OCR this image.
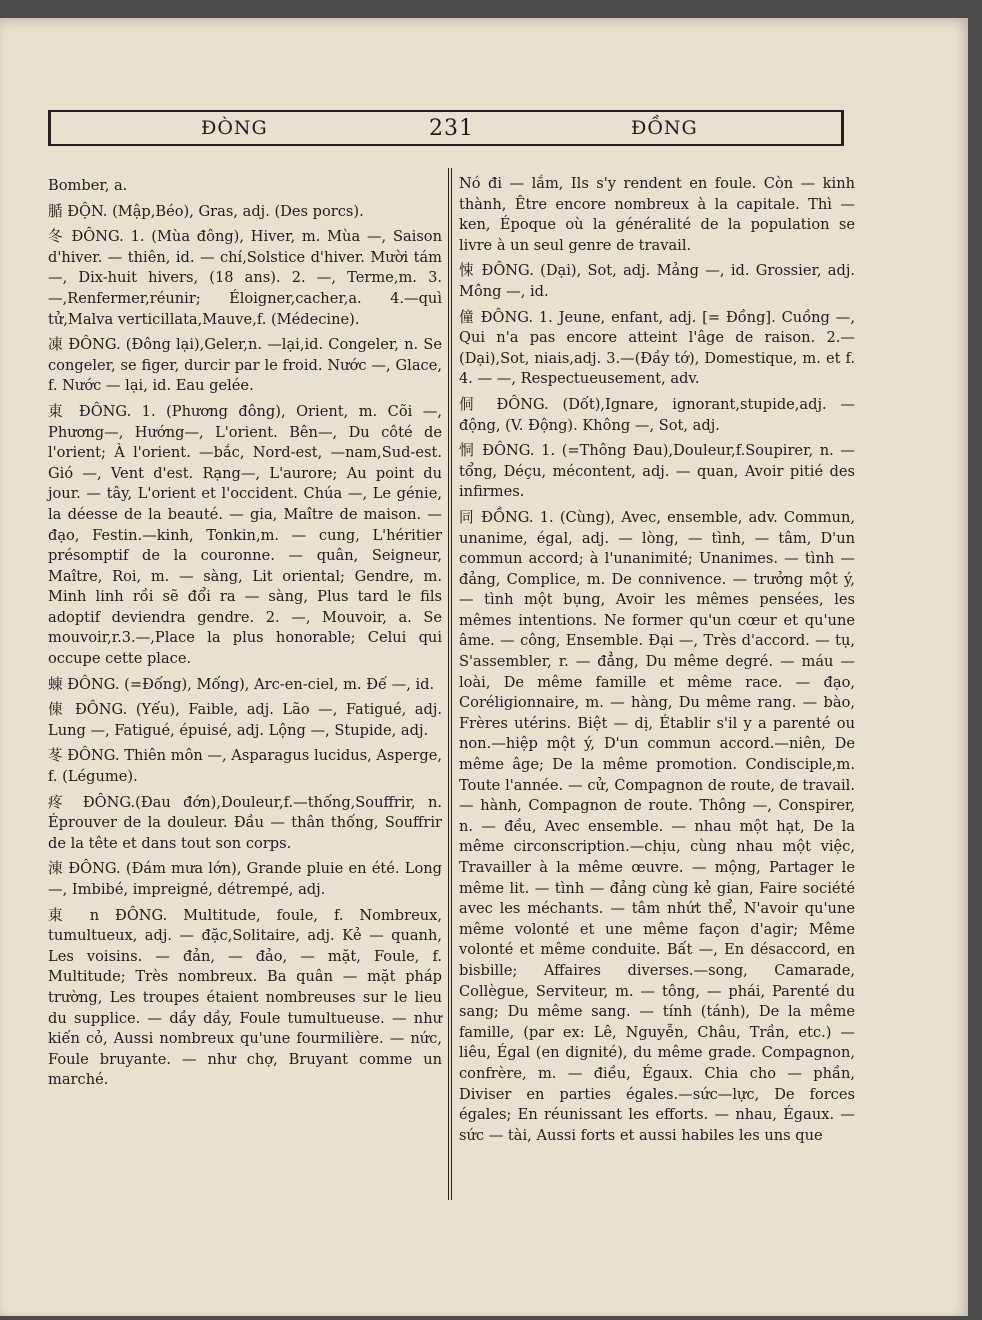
ĐÒNG	231	ĐỒNG

Bomber, a.

腯 ĐỘN. (Mập,Béo), Gras, adj. (Des porcs).

冬 ĐÔNG. 1. (Mùa đông), Hiver, m. Mùa —, Saison d'hiver. — thiên, id. — chí,Solstice d'hiver. Mười tám —, Dix-huit hivers, (18 ans). 2. —, Terme,m. 3. —,Renfermer,réunir; Éloigner,cacher,a. 4.—quì tử,Malva verticillata,Mauve,f. (Médecine).

凍 ĐÔNG. (Đông lại),Geler,n. —lại,id. Congeler, n. Se congeler, se figer, durcir par le froid. Nước —, Glace, f. Nước — lại, id. Eau gelée.

東 ĐÔNG. 1. (Phương đông), Orient, m. Cõi —, Phương—, Hướng—, L'orient. Bên—, Du côté de l'orient; À l'orient. —bắc, Nord-est, —nam,Sud-est. Gió —, Vent d'est. Rạng—, L'aurore; Au point du jour. — tây, L'orient et l'occident. Chúa —, Le génie, la déesse de la beauté. — gia, Maître de maison. —đạo, Festin.—kinh, Tonkin,m. — cung, L'héritier présomptif de la couronne. — quân, Seigneur, Maître, Roi, m. — sàng, Lit oriental; Gendre, m. Minh linh rồi sẽ đổi ra — sàng, Plus tard le fils adoptif deviendra gendre. 2. —, Mouvoir, a. Se mouvoir,r.3.—,Place la plus honorable; Celui qui occupe cette place.

蝀 ĐÔNG. (=Đống), Mống), Arc-en-ciel, m. Đế —, id.

倲 ĐÔNG. (Yếu), Faible, adj. Lão —, Fatigué, adj. Lung —, Fatigué, épuisé, adj. Lộng —, Stupide, adj.

苳 ĐÔNG. Thiên môn —, Asparagus lucidus, Asperge, f. (Légume).

疼 ĐÔNG.(Đau đớn),Douleur,f.—thống,Souffrir, n. Éprouver de la douleur. Đầu — thân thống, Souffrir de la tête et dans tout son corps.

涷 ĐÔNG. (Đám mưa lớn), Grande pluie en été. Long —, Imbibé, impreigné, détrempé, adj.

東 n ĐÔNG. Multitude, foule, f. Nombreux, tumultueux, adj. — đặc,Solitaire, adj. Kẻ — quanh, Les voisins. — đản, — đảo, — mặt, Foule, f. Multitude; Très nombreux. Ba quân — mặt pháp trường, Les troupes étaient nombreuses sur le lieu du supplice. — dầy dầy, Foule tumultueuse. — như kiến cỏ, Aussi nombreux qu'une fourmilière. — nức, Foule bruyante. — như chợ, Bruyant comme un marché.

Nó đi — lắm, Ils s'y rendent en foule. Còn — kinh thành, Être encore nombreux à la capitale. Thì — ken, Époque où la généralité de la population se livre à un seul genre de travail.

悚 ĐÔNG. (Dại), Sot, adj. Mảng —, id. Grossier, adj. Mông —, id.

僮 ĐÔNG. 1. Jeune, enfant, adj. [= Đồng]. Cuồng —, Qui n'a pas encore atteint l'âge de raison. 2.—(Dại),Sot, niais,adj. 3.—(Đầy tớ), Domestique, m. et f. 4. — —, Respectueusement, adv.

侗 ĐÔNG. (Dốt),Ignare, ignorant,stupide,adj. — động, (V. Động). Không —, Sot, adj.

恫 ĐÔNG. 1. (=Thông Đau),Douleur,f.Soupirer, n. — tổng, Déçu, mécontent, adj. — quan, Avoir pitié des infirmes.

同 ĐỒNG. 1. (Cùng), Avec, ensemble, adv. Commun, unanime, égal, adj. — lòng, — tình, — tâm, D'un commun accord; à l'unanimité; Unanimes. — tình — đảng, Complice, m. De connivence. — trưởng một ý, — tình một bụng, Avoir les mêmes pensées, les mêmes intentions. Ne former qu'un cœur et qu'une âme. — công, Ensemble. Đại —, Très d'accord. — tụ, S'assembler, r. — đẳng, Du même degré. — máu — loài, De même famille et même race. — đạo, Coréligionnaire, m. — hàng, Du même rang. — bào, Frères utérins. Biệt — dị, Établir s'il y a parenté ou non.—hiệp một ý, D'un commun accord.—niên, De même âge; De la même promotion. Condisciple,m. Toute l'année. — cử, Compagnon de route, de travail. — hành, Compagnon de route. Thông —, Conspirer, n. — đều, Avec ensemble. — nhau một hạt, De la même circonscription.—chịu, cùng nhau một việc, Travailler à la même œuvre. — mộng, Partager le même lit. — tình — đảng cùng kẻ gian, Faire société avec les méchants. — tâm nhứt thể, N'avoir qu'une même volonté et une même façon d'agir; Même volonté et même conduite. Bất —, En désaccord, en bisbille; Affaires diverses.—song, Camarade, Collègue, Serviteur, m. — tông, — phái, Parenté du sang; Du même sang. — tính (tánh), De la même famille, (par ex: Lê, Nguyễn, Châu, Trần, etc.) — liêu, Égal (en dignité), du même grade. Compagnon, confrère, m. — điều, Égaux. Chia cho — phần, Diviser en parties égales.—sức—lực, De forces égales; En réunissant les efforts. — nhau, Égaux. — sức — tài, Aussi forts et aussi habiles les uns que
